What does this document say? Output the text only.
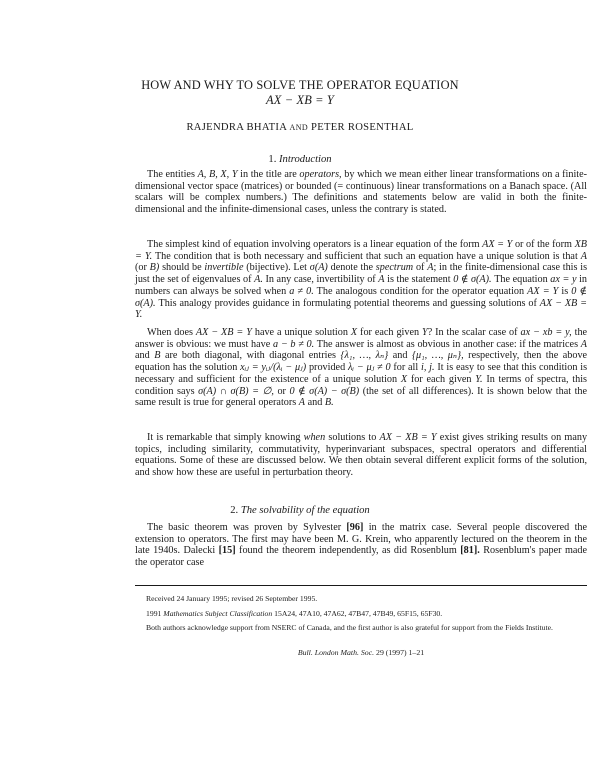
HOW AND WHY TO SOLVE THE OPERATOR EQUATION
AX − XB = Y
RAJENDRA BHATIA AND PETER ROSENTHAL
1. Introduction

The entities A, B, X, Y in the title are operators, by which we mean either linear transformations on a finite-dimensional vector space (matrices) or bounded (= continuous) linear transformations on a Banach space. (All scalars will be complex numbers.) The definitions and statements below are valid in both the finite-dimensional and the infinite-dimensional cases, unless the contrary is stated.

The simplest kind of equation involving operators is a linear equation of the form AX = Y or of the form XB = Y. The condition that is both necessary and sufficient that such an equation have a unique solution is that A (or B) should be invertible (bijective). Let σ(A) denote the spectrum of A; in the finite-dimensional case this is just the set of eigenvalues of A. In any case, invertibility of A is the statement 0 ∉ σ(A). The equation ax = y in numbers can always be solved when a ≠ 0. The analogous condition for the operator equation AX = Y is 0 ∉ σ(A). This analogy provides guidance in formulating potential theorems and guessing solutions of AX − XB = Y.

When does AX − XB = Y have a unique solution X for each given Y? In the scalar case of ax − xb = y, the answer is obvious: we must have a − b ≠ 0. The answer is almost as obvious in another case: if the matrices A and B are both diagonal, with diagonal entries {λ₁, …, λₙ} and {μ₁, …, μₙ}, respectively, then the above equation has the solution xᵢⱼ = yᵢⱼ/(λᵢ − μⱼ) provided λᵢ − μⱼ ≠ 0 for all i, j. It is easy to see that this condition is necessary and sufficient for the existence of a unique solution X for each given Y. In terms of spectra, this condition says σ(A) ∩ σ(B) = ∅, or 0 ∉ σ(A) − σ(B) (the set of all differences). It is shown below that the same result is true for general operators A and B.

It is remarkable that simply knowing when solutions to AX − XB = Y exist gives striking results on many topics, including similarity, commutativity, hyperinvariant subspaces, spectral operators and differential equations. Some of these are discussed below. We then obtain several different explicit forms of the solution, and show how these are useful in perturbation theory.

2. The solvability of the equation

The basic theorem was proven by Sylvester [96] in the matrix case. Several people discovered the extension to operators. The first may have been M. G. Krein, who apparently lectured on the theorem in the late 1940s. Dalecki [15] found the theorem independently, as did Rosenblum [81]. Rosenblum's paper made the operator case

Received 24 January 1995; revised 26 September 1995.

1991 Mathematics Subject Classification 15A24, 47A10, 47A62, 47B47, 47B49, 65F15, 65F30.

Both authors acknowledge support from NSERC of Canada, and the first author is also grateful for support from the Fields Institute.

Bull. London Math. Soc. 29 (1997) 1–21
